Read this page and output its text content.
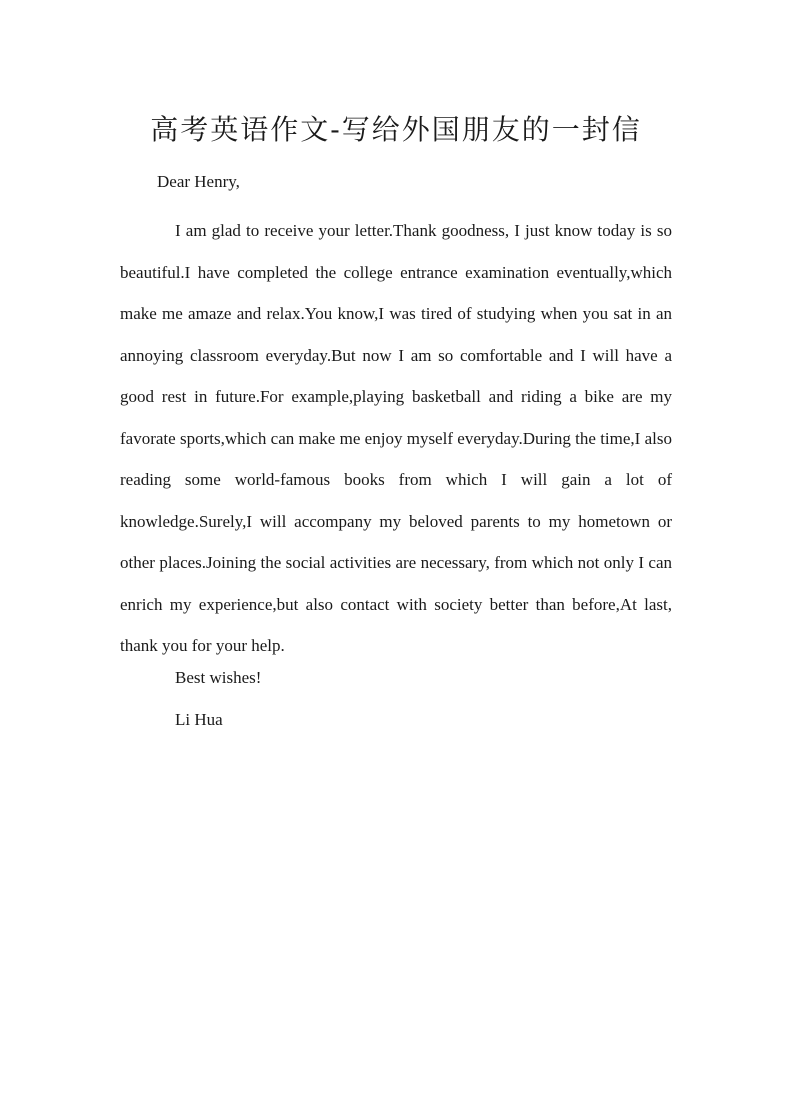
高考英语作文-写给外国朋友的一封信

Dear Henry,

I am glad to receive your letter.Thank goodness, I just know today is so beautiful.I have completed the college entrance examination eventually,which make me amaze and relax.You know,I was tired of studying when you sat in an annoying classroom everyday.But now I am so comfortable and I will have a good rest in future.For example,playing basketball and riding a bike are my favorate sports,which can make me enjoy myself everyday.During the time,I also reading some world-famous books from which I will gain a lot of knowledge.Surely,I will accompany my beloved parents to my hometown or other places.Joining the social activities are necessary, from which not only I can enrich my experience,but also contact with society better than before,At last, thank you for your help.

Best wishes!

Li Hua
